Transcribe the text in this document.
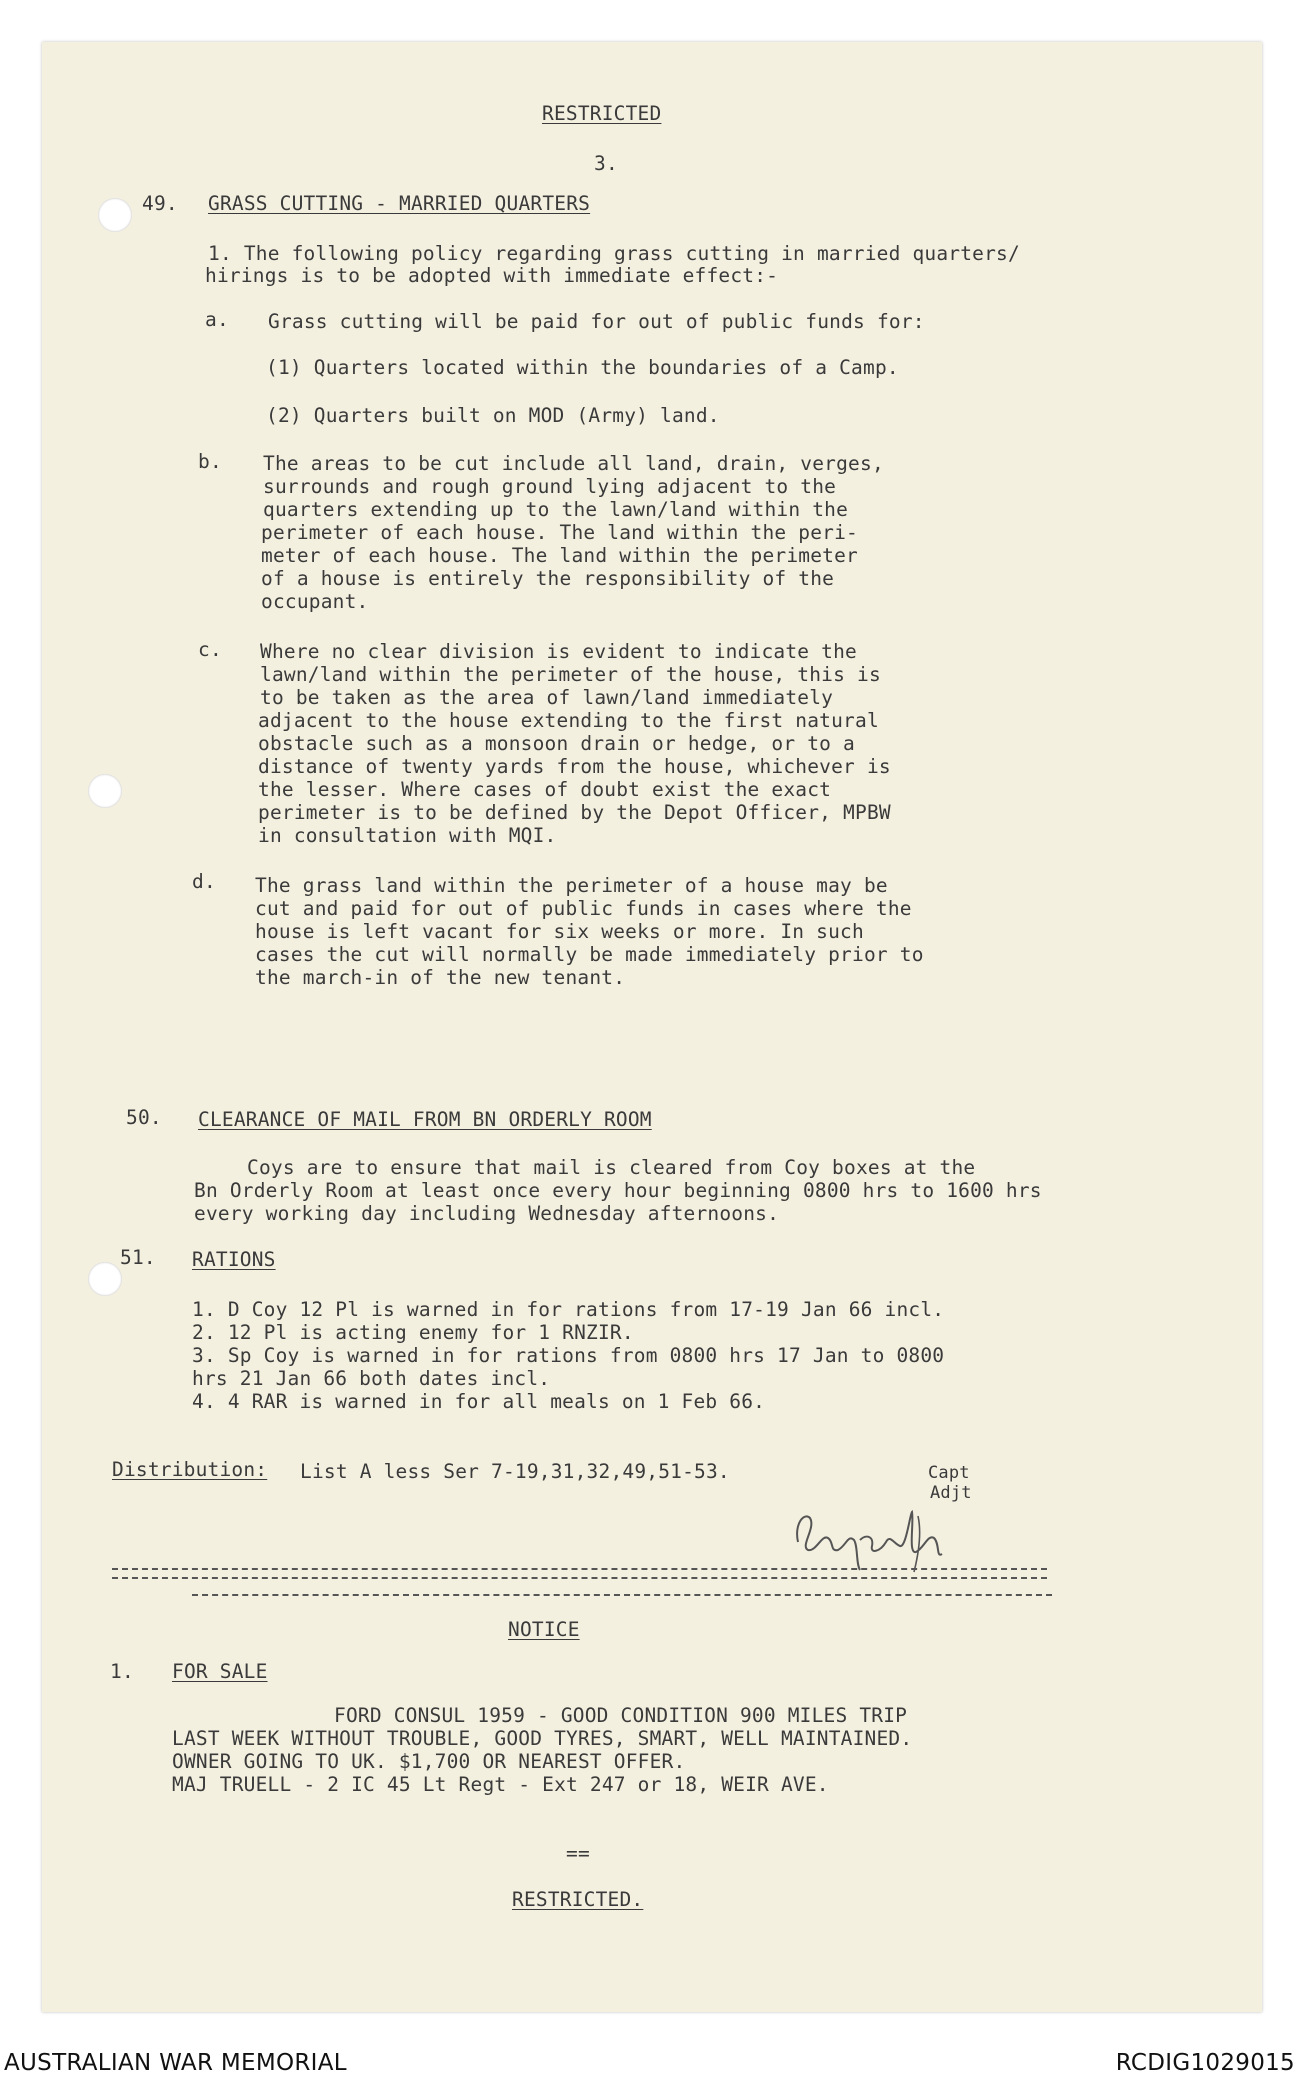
RESTRICTED
3.
49. GRASS CUTTING - MARRIED QUARTERS
1. The following policy regarding grass cutting in married quarters/
hirings is to be adopted with immediate effect:-
a. Grass cutting will be paid for out of public funds for:
(1) Quarters located within the boundaries of a Camp.
(2) Quarters built on MOD (Army) land.
b. The areas to be cut include all land, drain, verges,
surrounds and rough ground lying adjacent to the
quarters extending up to the lawn/land within the
perimeter of each house. The land within the peri-
meter of each house. The land within the perimeter
of a house is entirely the responsibility of the
occupant.
c. Where no clear division is evident to indicate the
lawn/land within the perimeter of the house, this is
to be taken as the area of lawn/land immediately
adjacent to the house extending to the first natural
obstacle such as a monsoon drain or hedge, or to a
distance of twenty yards from the house, whichever is
the lesser. Where cases of doubt exist the exact
perimeter is to be defined by the Depot Officer, MPBW
in consultation with MQI.
d. The grass land within the perimeter of a house may be
cut and paid for out of public funds in cases where the
house is left vacant for six weeks or more. In such
cases the cut will normally be made immediately prior to
the march-in of the new tenant.
50. CLEARANCE OF MAIL FROM BN ORDERLY ROOM
Coys are to ensure that mail is cleared from Coy boxes at the
Bn Orderly Room at least once every hour beginning 0800 hrs to 1600 hrs
every working day including Wednesday afternoons.
51. RATIONS
1. D Coy 12 Pl is warned in for rations from 17-19 Jan 66 incl.
2. 12 Pl is acting enemy for 1 RNZIR.
3. Sp Coy is warned in for rations from 0800 hrs 17 Jan to 0800
hrs 21 Jan 66 both dates incl.
4. 4 RAR is warned in for all meals on 1 Feb 66.
Distribution: List A less Ser 7-19,31,32,49,51-53.	Capt
Adjt
NOTICE
1. FOR SALE
FORD CONSUL 1959 - GOOD CONDITION 900 MILES TRIP
LAST WEEK WITHOUT TROUBLE, GOOD TYRES, SMART, WELL MAINTAINED.
OWNER GOING TO UK. $1,700 OR NEAREST OFFER.
MAJ TRUELL - 2 IC 45 Lt Regt - Ext 247 or 18, WEIR AVE.
==
RESTRICTED.
AUSTRALIAN WAR MEMORIAL	RCDIG1029015
